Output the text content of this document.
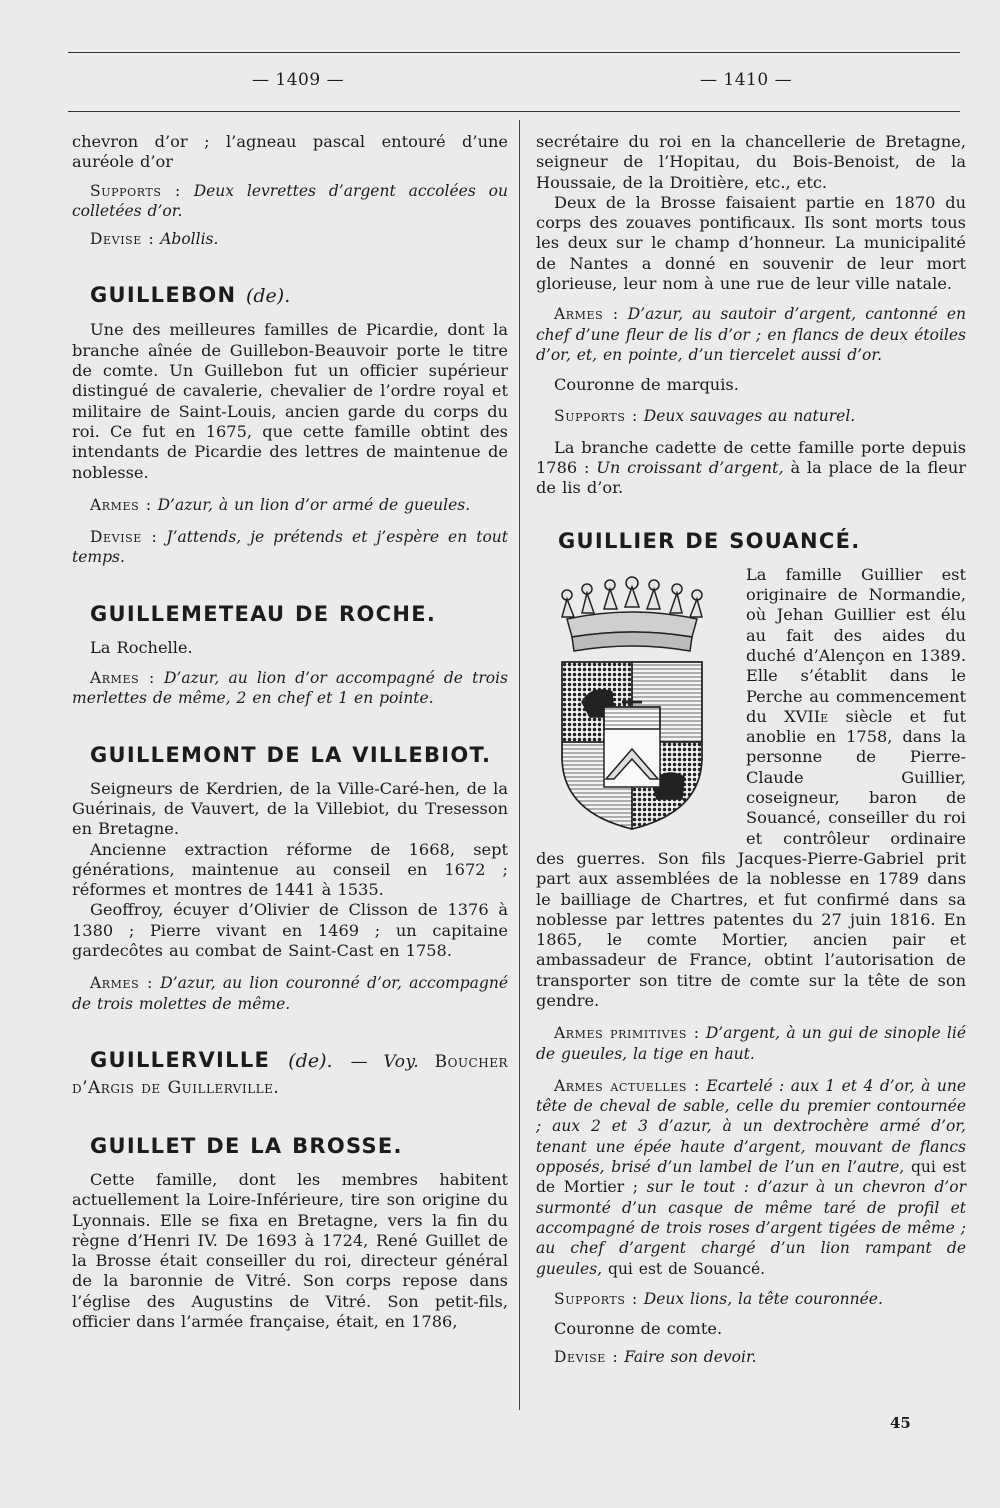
— 1409 —	— 1410 —

chevron d’or ; l’agneau pascal entouré d’une auréole d’or

Supports : Deux levrettes d’argent accolées ou colletées d’or.

Devise : Abollis.

GUILLEBON (de).

Une des meilleures familles de Picardie, dont la branche aînée de Guillebon-Beauvoir porte le titre de comte. Un Guillebon fut un officier supérieur distingué de cavalerie, chevalier de l’ordre royal et militaire de Saint-Louis, ancien garde du corps du roi. Ce fut en 1675, que cette famille obtint des intendants de Picardie des lettres de maintenue de noblesse.

Armes : D’azur, à un lion d’or armé de gueules.

Devise : J’attends, je prétends et j’espère en tout temps.

GUILLEMETEAU DE ROCHE.

La Rochelle.

Armes : D’azur, au lion d’or accompagné de trois merlettes de même, 2 en chef et 1 en pointe.

GUILLEMONT DE LA VILLEBIOT.

Seigneurs de Kerdrien, de la Ville-Caré-hen, de la Guérinais, de Vauvert, de la Villebiot, du Tresesson en Bretagne.

Ancienne extraction réforme de 1668, sept générations, maintenue au conseil en 1672 ; réformes et montres de 1441 à 1535.

Geoffroy, écuyer d’Olivier de Clisson de 1376 à 1380 ; Pierre vivant en 1469 ; un capitaine gardecôtes au combat de Saint-Cast en 1758.

Armes : D’azur, au lion couronné d’or, accompagné de trois molettes de même.

GUILLERVILLE (de). — Voy. Boucher d’Argis de Guillerville.
GUILLET DE LA BROSSE.

Cette famille, dont les membres habitent actuellement la Loire-Inférieure, tire son origine du Lyonnais. Elle se fixa en Bretagne, vers la fin du règne d’Henri IV. De 1693 à 1724, René Guillet de la Brosse était conseiller du roi, directeur général de la baronnie de Vitré. Son corps repose dans l’église des Augustins de Vitré. Son petit-fils, officier dans l’armée française, était, en 1786,

secrétaire du roi en la chancellerie de Bretagne, seigneur de l’Hopitau, du Bois-Benoist, de la Houssaie, de la Droitière, etc., etc.

Deux de la Brosse faisaient partie en 1870 du corps des zouaves pontificaux. Ils sont morts tous les deux sur le champ d’honneur. La municipalité de Nantes a donné en souvenir de leur mort glorieuse, leur nom à une rue de leur ville natale.

Armes : D’azur, au sautoir d’argent, cantonné en chef d’une fleur de lis d’or ; en flancs de deux étoiles d’or, et, en pointe, d’un tiercelet aussi d’or.

Couronne de marquis.

Supports : Deux sauvages au naturel.

La branche cadette de cette famille porte depuis 1786 : Un croissant d’argent, à la place de la fleur de lis d’or.

GUILLIER DE SOUANCÉ.

La famille Guillier est originaire de Normandie, où Jehan Guillier est élu au fait des aides du duché d’Alençon en 1389. Elle s’établit dans le Perche au commencement du XVIIe siècle et fut anoblie en 1758, dans la personne de Pierre-Claude Guillier, coseigneur, baron de Souancé, conseiller du roi et contrôleur ordinaire des guerres. Son fils Jacques-Pierre-Gabriel prit part aux assemblées de la noblesse en 1789 dans le bailliage de Chartres, et fut confirmé dans sa noblesse par lettres patentes du 27 juin 1816. En 1865, le comte Mortier, ancien pair et ambassadeur de France, obtint l’autorisation de transporter son titre de comte sur la tête de son gendre.

Armes primitives : D’argent, à un gui de sinople lié de gueules, la tige en haut.

Armes actuelles : Ecartelé : aux 1 et 4 d’or, à une tête de cheval de sable, celle du premier contournée ; aux 2 et 3 d’azur, à un dextrochère armé d’or, tenant une épée haute d’argent, mouvant de flancs opposés, brisé d’un lambel de l’un en l’autre, qui est de Mortier ; sur le tout : d’azur à un chevron d’or surmonté d’un casque de même taré de profil et accompagné de trois roses d’argent tigées de même ; au chef d’argent chargé d’un lion rampant de gueules, qui est de Souancé.

Supports : Deux lions, la tête couronnée.

Couronne de comte.

Devise : Faire son devoir.

45
